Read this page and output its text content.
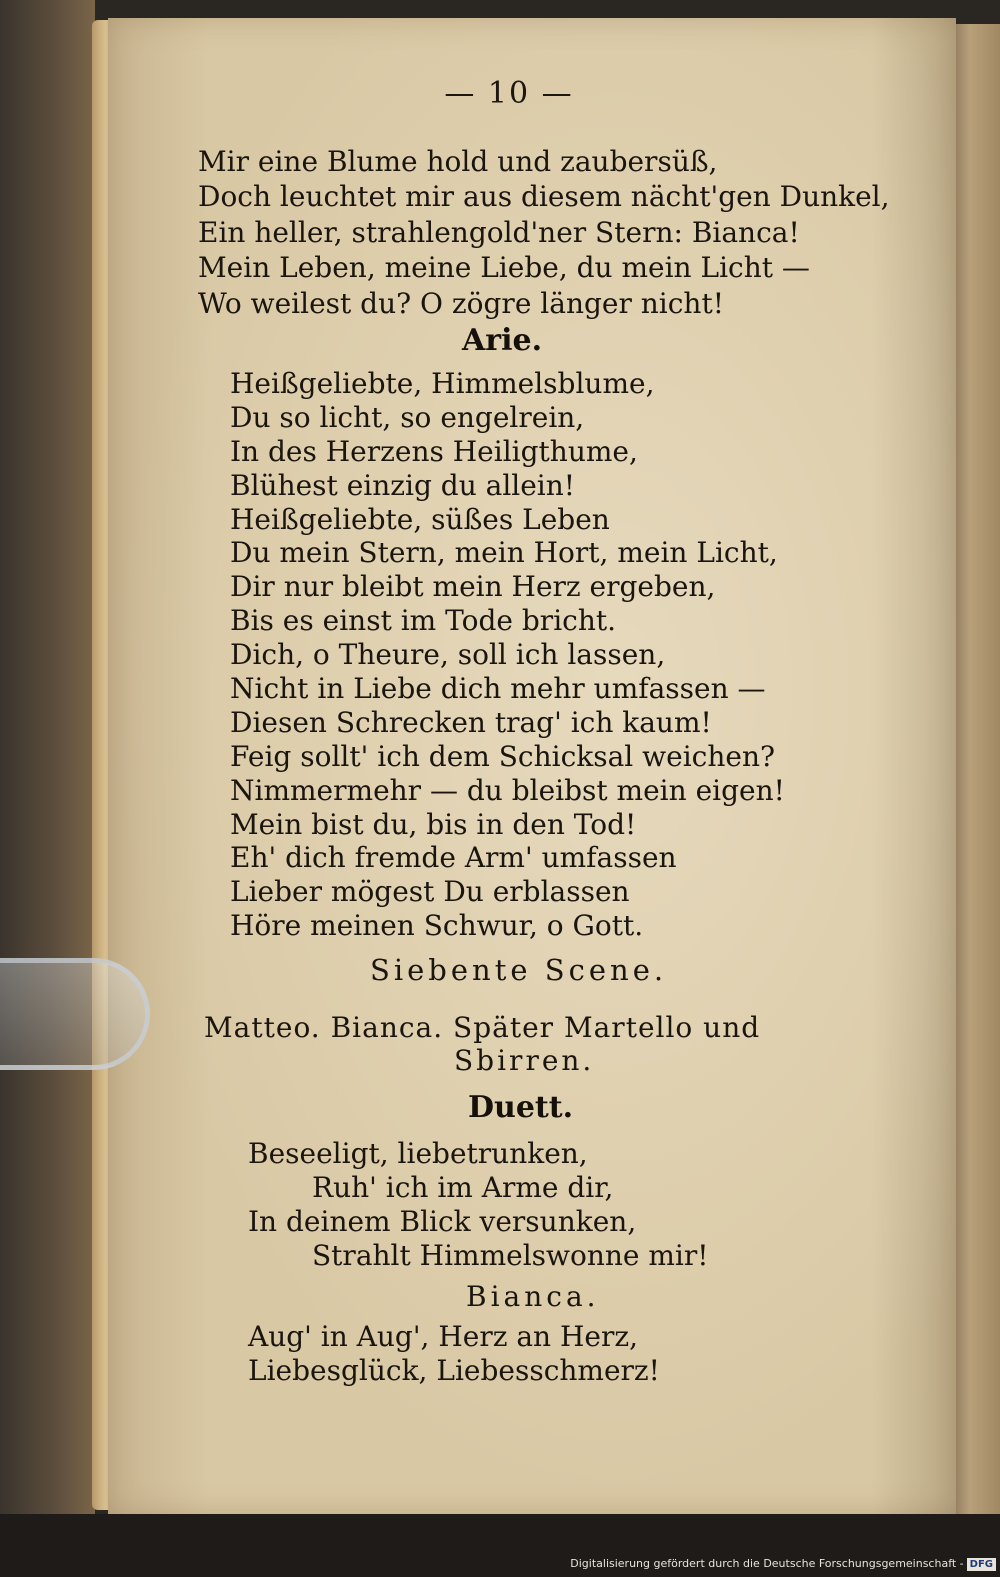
— 10 —
Mir eine Blume hold und zaubersüß,
Doch leuchtet mir aus diesem nächt'gen Dunkel,
Ein heller, strahlengold'ner Stern: Bianca!
Mein Leben, meine Liebe, du mein Licht —
Wo weilest du? O zögre länger nicht!
Arie.
Heißgeliebte, Himmelsblume,
Du so licht, so engelrein,
In des Herzens Heiligthume,
Blühest einzig du allein!
Heißgeliebte, süßes Leben
Du mein Stern, mein Hort, mein Licht,
Dir nur bleibt mein Herz ergeben,
Bis es einst im Tode bricht.
Dich, o Theure, soll ich lassen,
Nicht in Liebe dich mehr umfassen —
Diesen Schrecken trag' ich kaum!
Feig sollt' ich dem Schicksal weichen?
Nimmermehr — du bleibst mein eigen!
Mein bist du, bis in den Tod!
Eh' dich fremde Arm' umfassen
Lieber mögest Du erblassen
Höre meinen Schwur, o Gott.
Siebente Scene.
Matteo. Bianca. Später Martello und
Sbirren.
Duett.
Beseeligt, liebetrunken,
Ruh' ich im Arme dir,
In deinem Blick versunken,
Strahlt Himmelswonne mir!
Bianca.
Aug' in Aug', Herz an Herz,
Liebesglück, Liebesschmerz!
Digitalisierung gefördert durch die Deutsche Forschungsgemeinschaft - DFG
